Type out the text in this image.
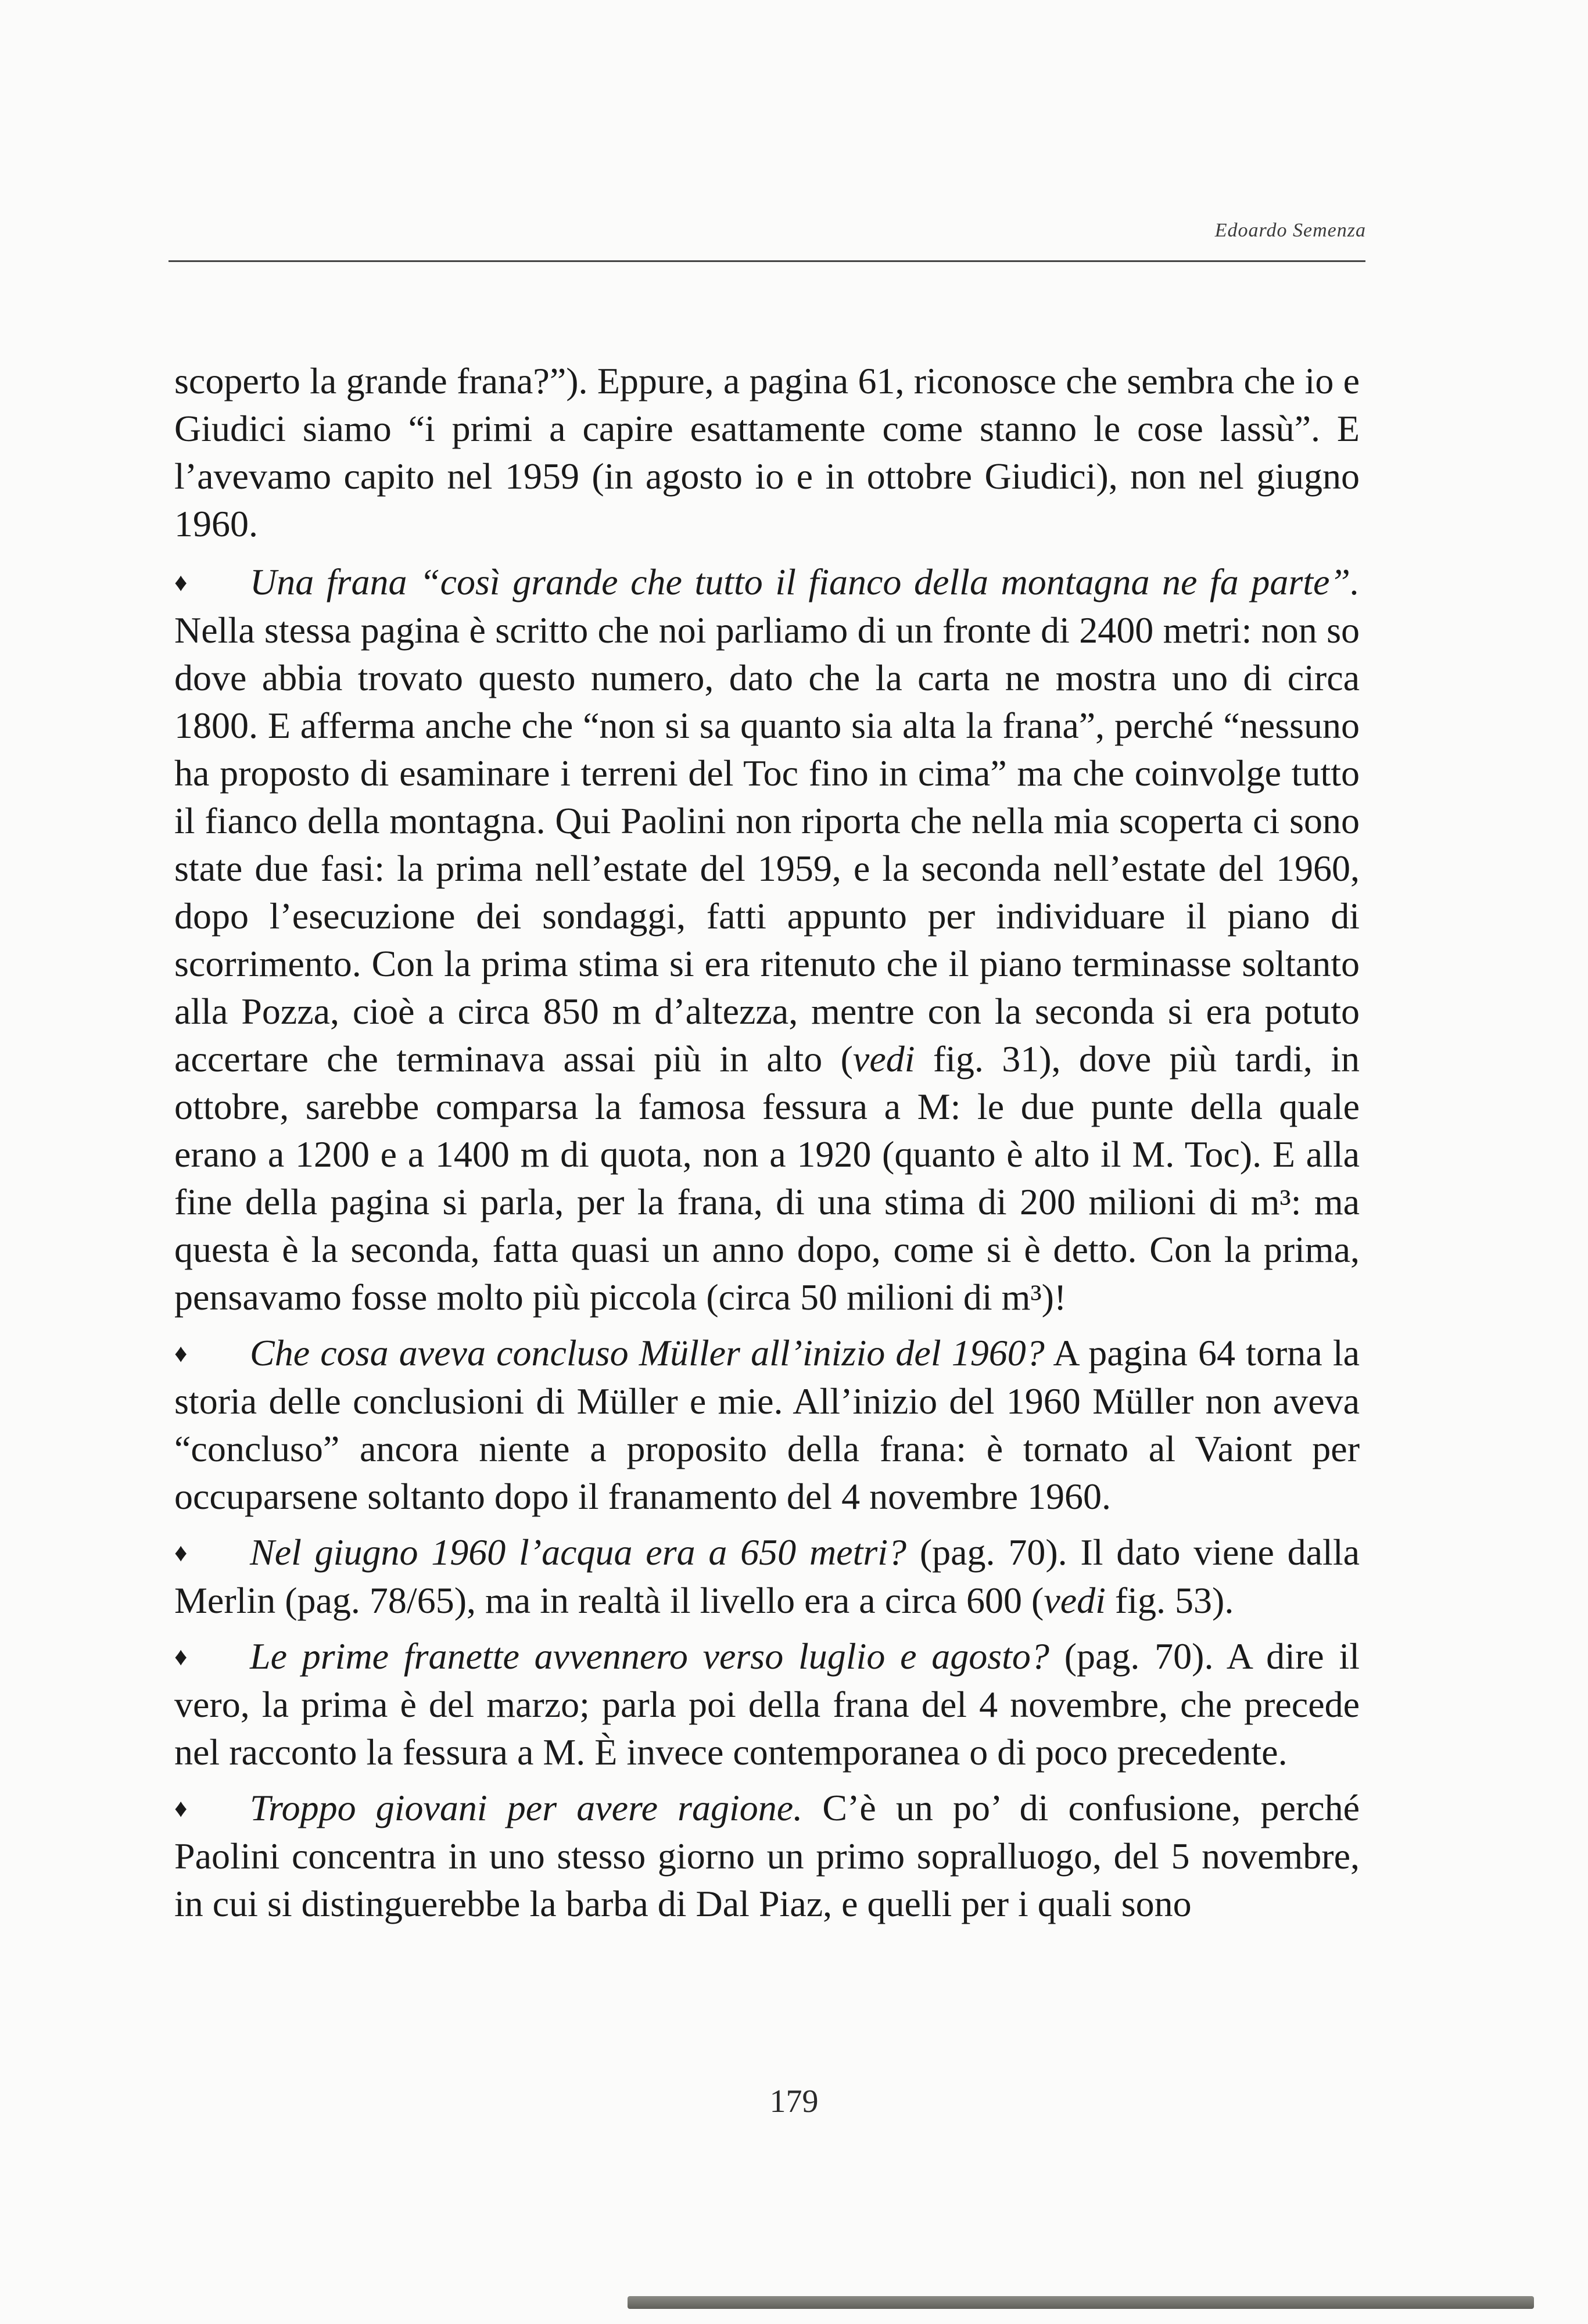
Edoardo Semenza

scoperto la grande frana?”). Eppure, a pagina 61, riconosce che sembra che io e Giudici siamo “i primi a capire esattamente come stanno le cose lassù”. E l’avevamo capito nel 1959 (in agosto io e in ottobre Giudici), non nel giugno 1960.

♦ Una frana “così grande che tutto il fianco della montagna ne fa parte”. Nella stessa pagina è scritto che noi parliamo di un fronte di 2400 metri: non so dove abbia trovato questo numero, dato che la carta ne mostra uno di circa 1800. E afferma anche che “non si sa quanto sia alta la frana”, perché “nessuno ha proposto di esaminare i terreni del Toc fino in cima” ma che coinvolge tutto il fianco della montagna. Qui Paolini non riporta che nella mia scoperta ci sono state due fasi: la prima nell’estate del 1959, e la seconda nell’estate del 1960, dopo l’esecuzione dei sondaggi, fatti appunto per individuare il piano di scorrimento. Con la prima stima si era ritenuto che il piano terminasse soltanto alla Pozza, cioè a circa 850 m d’altezza, mentre con la seconda si era potuto accertare che terminava assai più in alto (vedi fig. 31), dove più tardi, in ottobre, sarebbe comparsa la famosa fessura a M: le due punte della quale erano a 1200 e a 1400 m di quota, non a 1920 (quanto è alto il M. Toc). E alla fine della pagina si parla, per la frana, di una stima di 200 milioni di m³: ma questa è la seconda, fatta quasi un anno dopo, come si è detto. Con la prima, pensavamo fosse molto più piccola (circa 50 milioni di m³)!

♦ Che cosa aveva concluso Müller all’inizio del 1960? A pagina 64 torna la storia delle conclusioni di Müller e mie. All’inizio del 1960 Müller non aveva “concluso” ancora niente a proposito della frana: è tornato al Vaiont per occuparsene soltanto dopo il franamento del 4 novembre 1960.

♦ Nel giugno 1960 l’acqua era a 650 metri? (pag. 70). Il dato viene dalla Merlin (pag. 78/65), ma in realtà il livello era a circa 600 (vedi fig. 53).

♦ Le prime franette avvennero verso luglio e agosto? (pag. 70). A dire il vero, la prima è del marzo; parla poi della frana del 4 novembre, che precede nel racconto la fessura a M. È invece contemporanea o di poco precedente.

♦ Troppo giovani per avere ragione. C’è un po’ di confusione, perché Paolini concentra in uno stesso giorno un primo sopralluogo, del 5 novembre, in cui si distinguerebbe la barba di Dal Piaz, e quelli per i quali sono

179
